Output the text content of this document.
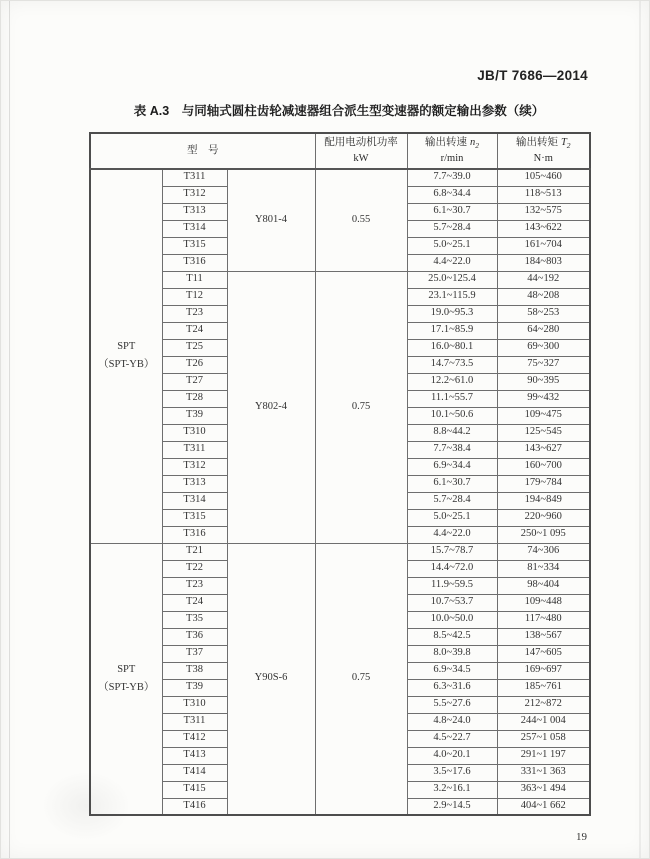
JB/T 7686—2014
表 A.3　与同轴式圆柱齿轮减速器组合派生型变速器的额定输出参数（续）
型　号	
配用电动机功率
kW

输出转速 $n_2$
r/min

输出转矩 $T_2$
N·m

SPT
（SPT-YB）	T311	Y801-4	0.55	7.7~39.0	105~460
	T312			6.8~34.4	118~513
	T313			6.1~30.7	132~575
	T314			5.7~28.4	143~622
	T315			5.0~25.1	161~704
	T316			4.4~22.0	184~803
	T11	Y802-4	0.75	25.0~125.4	44~192
	T12			23.1~115.9	48~208
	T23			19.0~95.3	58~253
	T24			17.1~85.9	64~280
	T25			16.0~80.1	69~300
	T26			14.7~73.5	75~327
	T27			12.2~61.0	90~395
	T28			11.1~55.7	99~432
	T39			10.1~50.6	109~475
	T310			8.8~44.2	125~545
	T311			7.7~38.4	143~627
	T312			6.9~34.4	160~700
	T313			6.1~30.7	179~784
	T314			5.7~28.4	194~849
	T315			5.0~25.1	220~960
	T316			4.4~22.0	250~1 095

SPT
（SPT-YB）	T21	Y90S-6	0.75	15.7~78.7	74~306
	T22			14.4~72.0	81~334
	T23			11.9~59.5	98~404
	T24			10.7~53.7	109~448
	T35			10.0~50.0	117~480
	T36			8.5~42.5	138~567
	T37			8.0~39.8	147~605
	T38			6.9~34.5	169~697
	T39			6.3~31.6	185~761
	T310			5.5~27.6	212~872
	T311			4.8~24.0	244~1 004
	T412			4.5~22.7	257~1 058
	T413			4.0~20.1	291~1 197
	T414			3.5~17.6	331~1 363
	T415			3.2~16.1	363~1 494
	T416			2.9~14.5	404~1 662
19
